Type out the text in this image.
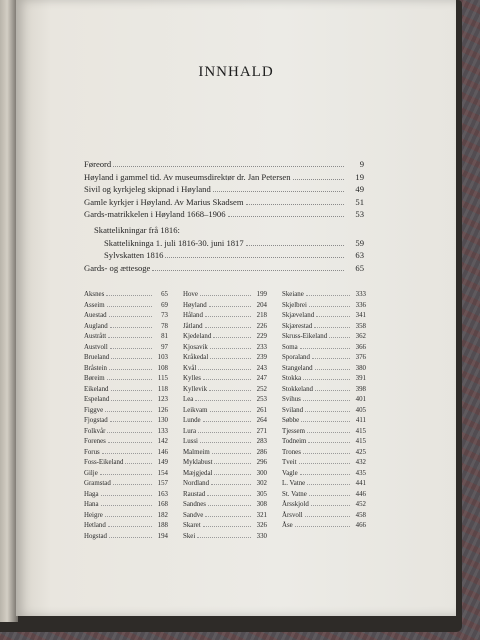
INNHALD
Føreord	9
Høyland i gammel tid. Av museumsdirektør dr. Jan Petersen	19
Sivil og kyrkjeleg skipnad i Høyland	49
Gamle kyrkjer i Høyland. Av Marius Skadsem	51
Gards-matrikkelen i Høyland 1668–1906	53
Skattelikningar frå 1816:
Skattelikninga 1. juli 1816-30. juni 1817	59
Sylvskatten 1816	63
Gards- og ættesoge	65
Aksnes	65
Asseim	69
Auestad	73
Augland	78
Austrått	81
Austvoll	97
Brueland	103
Bråstein	108
Børeim	115
Eikeland	118
Espeland	123
Figgve	126
Fjogstad	130
Folkvår	133
Forenes	142
Forus	146
Foss-Eikeland	149
Gilje	154
Gramstad	157
Haga	163
Hana	168
Heigre	182
Hetland	188
Hogstad	194
Hove	199
Høyland	204
Håland	218
Jåtland	226
Kjedeland	229
Kjosavik	233
Kråkedal	239
Kvål	243
Kylles	247
Kyllevik	252
Lea	253
Leikvam	261
Lunde	264
Lura	271
Lussi	283
Malmeim	286
Myklabust	296
Mæjgjedal	300
Nordland	302
Raustad	305
Sandnes	308
Sandve	321
Skaret	326
Skei	330
Skeiane	333
Skjelbrei	336
Skjæveland	341
Skjærestad	358
Skruss-Eikeland	362
Soma	366
Sporaland	376
Stangeland	380
Stokka	391
Stokkeland	398
Svihus	401
Sviland	405
Søbbe	411
Tjessem	415
Todneim	415
Trones	425
Tveit	432
Vagle	435
L. Vatne	441
St. Vatne	446
Årsskjold	452
Årsvoll	458
Åse	466
